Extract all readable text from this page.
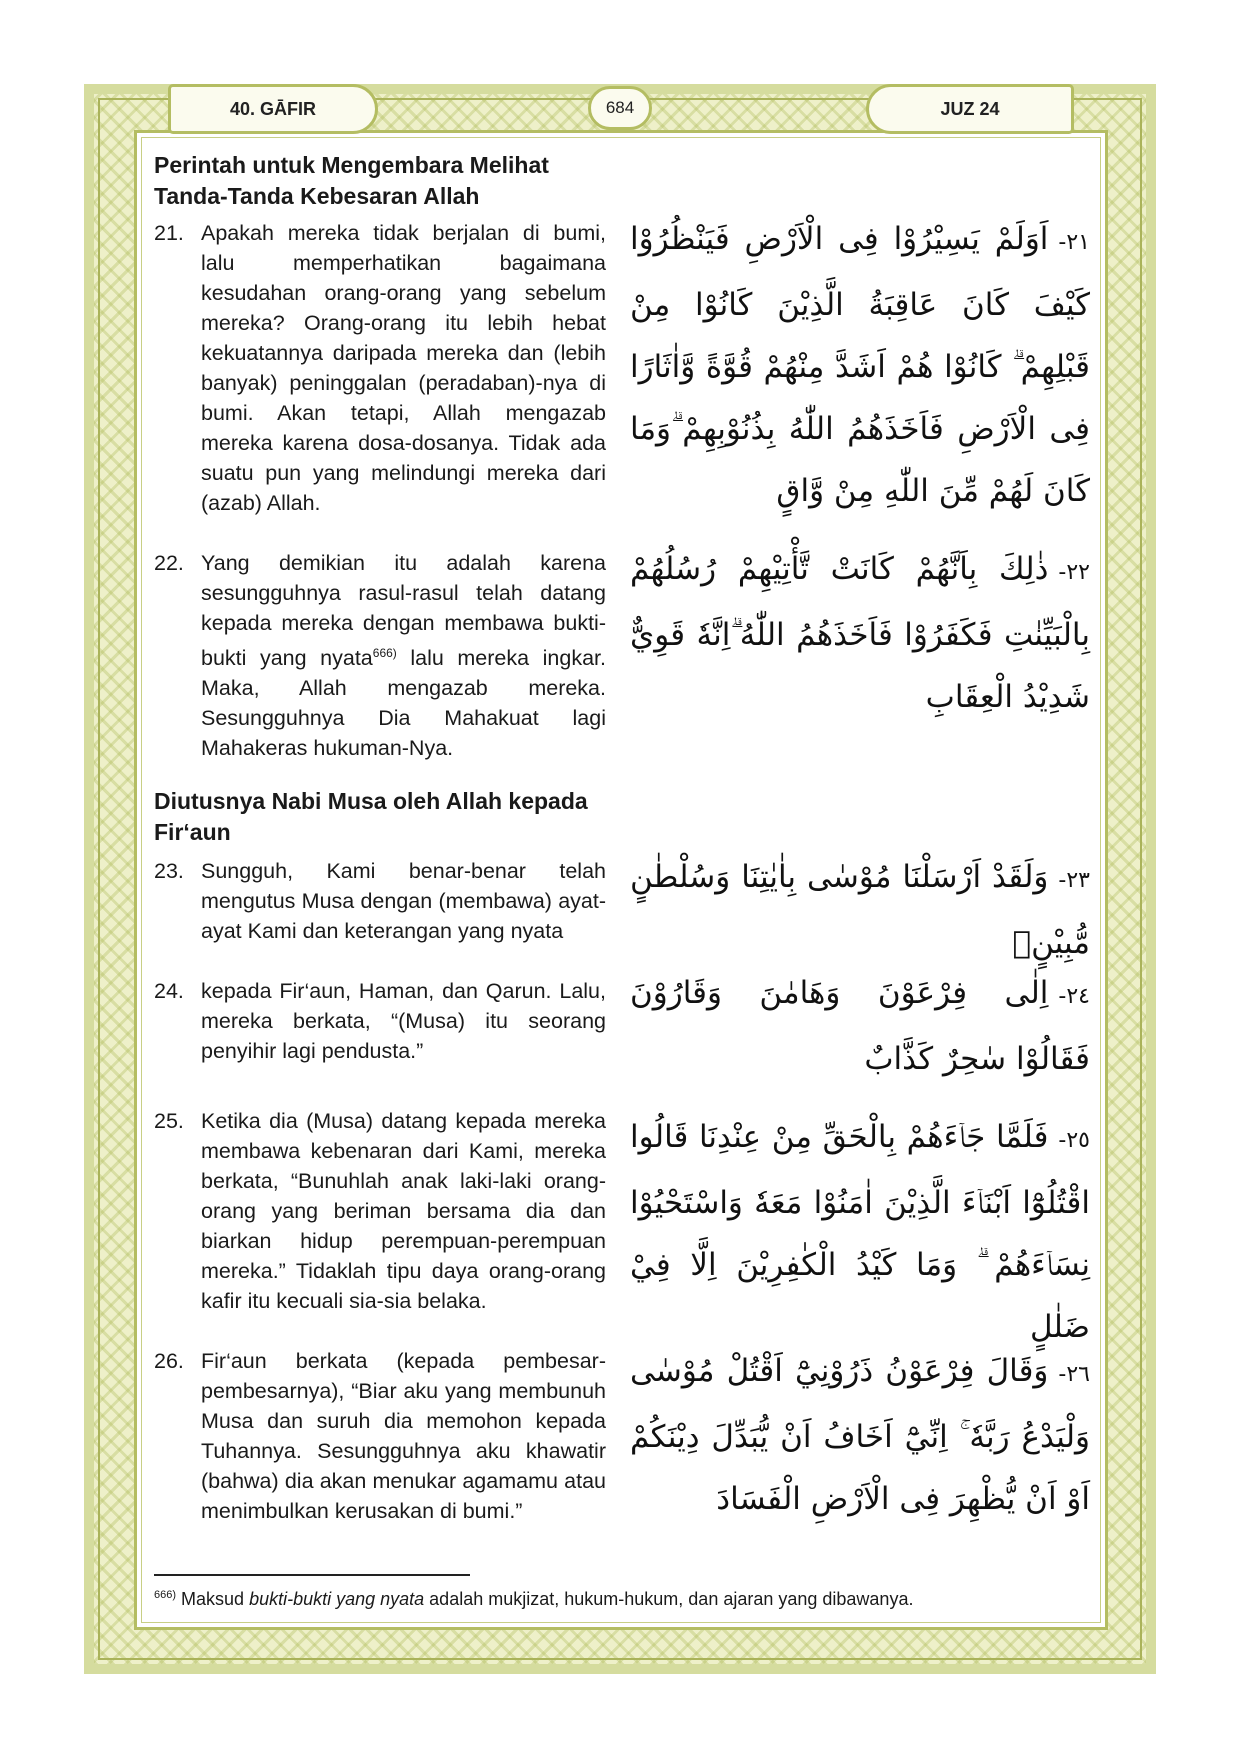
40. GĀFIR	684	JUZ 24
Perintah untuk Mengembara Melihat Tanda-Tanda Kebesaran Allah
21. Apakah mereka tidak berjalan di bumi, lalu memperhatikan bagaimana kesudahan orang-orang yang sebelum mereka? Orang-orang itu lebih hebat kekuatannya daripada mereka dan (lebih banyak) peninggalan (peradaban)-nya di bumi. Akan tetapi, Allah mengazab mereka karena dosa-dosanya. Tidak ada suatu pun yang melindungi mereka dari (azab) Allah.
٢١-اَوَلَمْ يَسِيْرُوْا فِى الْاَرْضِ فَيَنْظُرُوْا كَيْفَ كَانَ عَاقِبَةُ الَّذِيْنَ كَانُوْا مِنْ قَبْلِهِمْ ۗ كَانُوْا هُمْ اَشَدَّ مِنْهُمْ قُوَّةً وَّاٰثَارًا فِى الْاَرْضِ فَاَخَذَهُمُ اللّٰهُ بِذُنُوْبِهِمْ ۗوَمَا كَانَ لَهُمْ مِّنَ اللّٰهِ مِنْ وَّاقٍ
22. Yang demikian itu adalah karena sesungguhnya rasul-rasul telah datang kepada mereka dengan membawa bukti-bukti yang nyata$^{666)}$ lalu mereka ingkar. Maka, Allah mengazab mereka. Sesungguhnya Dia Mahakuat lagi Mahakeras hukuman-Nya.
٢٢-ذٰلِكَ بِاَنَّهُمْ كَانَتْ تَّأْتِيْهِمْ رُسُلُهُمْ بِالْبَيِّنٰتِ فَكَفَرُوْا فَاَخَذَهُمُ اللّٰهُ ۗاِنَّهٗ قَوِيٌّ شَدِيْدُ الْعِقَابِ
Diutusnya Nabi Musa oleh Allah kepada Fir‘aun
23. Sungguh, Kami benar-benar telah mengutus Musa dengan (membawa) ayat-ayat Kami dan keterangan yang nyata
٢٣-وَلَقَدْ اَرْسَلْنَا مُوْسٰى بِاٰيٰتِنَا وَسُلْطٰنٍ مُّبِيْنٍۙ
24. kepada Fir‘aun, Haman, dan Qarun. Lalu, mereka berkata, “(Musa) itu seorang penyihir lagi pendusta.”
٢٤-اِلٰى فِرْعَوْنَ وَهَامٰنَ وَقَارُوْنَ فَقَالُوْا سٰحِرٌ كَذَّابٌ
25. Ketika dia (Musa) datang kepada mereka membawa kebenaran dari Kami, mereka berkata, “Bunuhlah anak laki-laki orang-orang yang beriman bersama dia dan biarkan hidup perempuan-perempuan mereka.” Tidaklah tipu daya orang-orang kafir itu kecuali sia-sia belaka.
٢٥-فَلَمَّا جَاۤءَهُمْ بِالْحَقِّ مِنْ عِنْدِنَا قَالُوا اقْتُلُوْٓا اَبْنَاۤءَ الَّذِيْنَ اٰمَنُوْا مَعَهٗ وَاسْتَحْيُوْا نِسَاۤءَهُمْ ۗ وَمَا كَيْدُ الْكٰفِرِيْنَ اِلَّا فِيْ ضَلٰلٍ
26. Fir‘aun berkata (kepada pembesar-pembesarnya), “Biar aku yang membunuh Musa dan suruh dia memohon kepada Tuhannya. Sesungguhnya aku khawatir (bahwa) dia akan menukar agamamu atau menimbulkan kerusakan di bumi.”
٢٦-وَقَالَ فِرْعَوْنُ ذَرُوْنِيْٓ اَقْتُلْ مُوْسٰى وَلْيَدْعُ رَبَّهٗ ۚ اِنِّيْٓ اَخَافُ اَنْ يُّبَدِّلَ دِيْنَكُمْ اَوْ اَنْ يُّظْهِرَ فِى الْاَرْضِ الْفَسَادَ
$^{666)}$ Maksud bukti-bukti yang nyata adalah mukjizat, hukum-hukum, dan ajaran yang dibawanya.
